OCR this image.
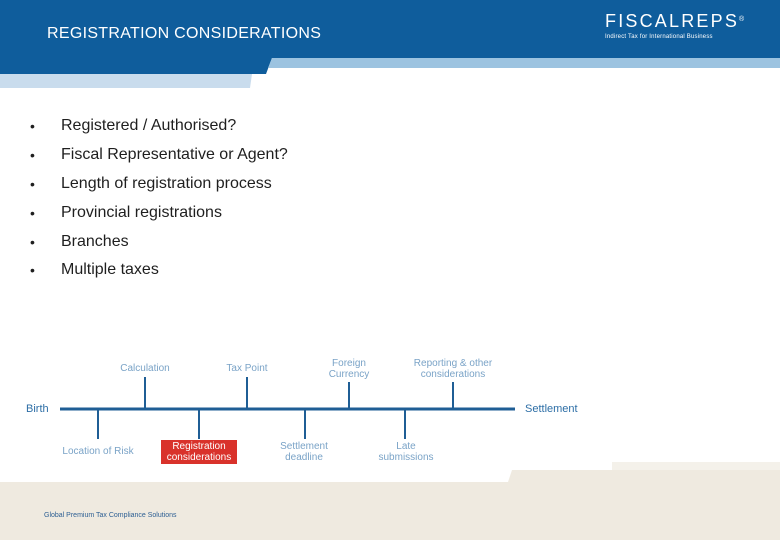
REGISTRATION CONSIDERATIONS
FISCALREPS®
Indirect Tax for International Business
•	Registered / Authorised?
•	Fiscal Representative or Agent?
•	Length of registration process
•	Provincial registrations
•	Branches
•	Multiple taxes
Birth	Settlement
Calculation	Tax Point	Foreign
Currency
Reporting & other
considerations
Location of Risk	Registration
considerations
Settlement
deadline
Late
submissions
Global Premium Tax Compliance Solutions
